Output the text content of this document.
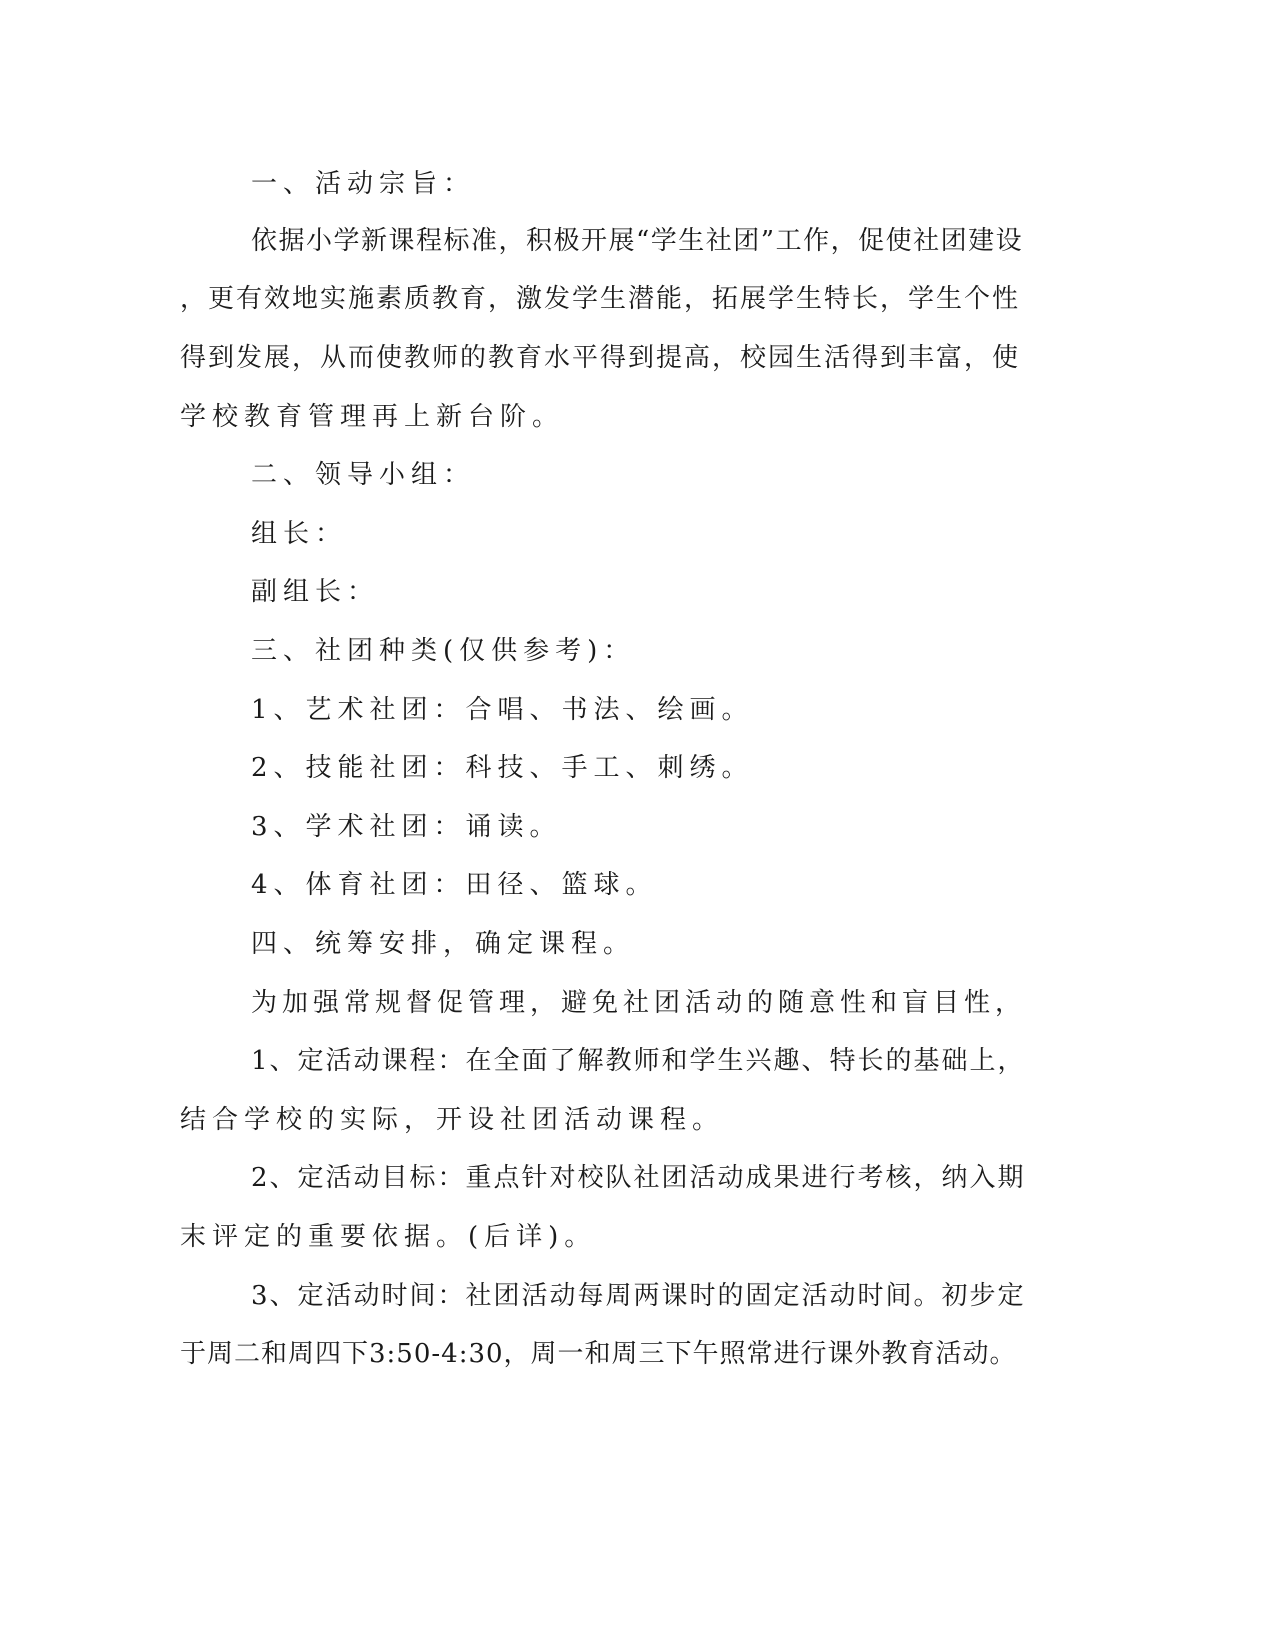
一、活动宗旨：
依据小学新课程标准，积极开展“学生社团”工作，促使社团建设
，更有效地实施素质教育，激发学生潜能，拓展学生特长，学生个性
得到发展，从而使教师的教育水平得到提高，校园生活得到丰富，使
学校教育管理再上新台阶。
二、领导小组：
组长：
副组长：
三、社团种类(仅供参考)：
1、艺术社团：合唱、书法、绘画。
2、技能社团：科技、手工、刺绣。
3、学术社团：诵读。
4、体育社团：田径、篮球。
四、统筹安排，确定课程。
为加强常规督促管理，避免社团活动的随意性和盲目性，
1、定活动课程：在全面了解教师和学生兴趣、特长的基础上，
结合学校的实际，开设社团活动课程。
2、定活动目标：重点针对校队社团活动成果进行考核，纳入期
末评定的重要依据。(后详)。
3、定活动时间：社团活动每周两课时的固定活动时间。初步定
于周二和周四下3:50-4:30，周一和周三下午照常进行课外教育活动。
